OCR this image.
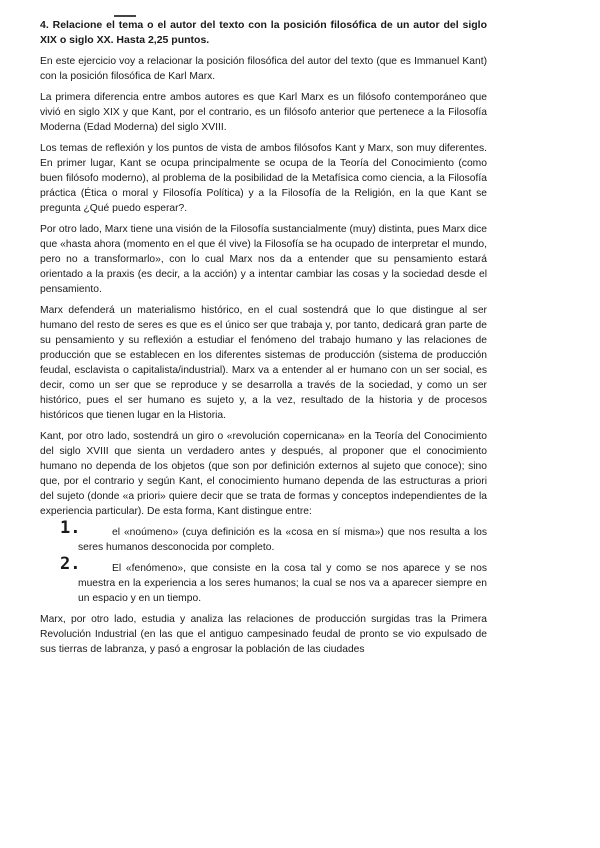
4. Relacione el tema o el autor del texto con la posición filosófica de un autor del siglo XIX o siglo XX. Hasta 2,25 puntos.

En este ejercicio voy a relacionar la posición filosófica del autor del texto (que es Immanuel Kant) con la posición filosófica de Karl Marx.

La primera diferencia entre ambos autores es que Karl Marx es un filósofo contemporáneo que vivió en siglo XIX y que Kant, por el contrario, es un filósofo anterior que pertenece a la Filosofía Moderna (Edad Moderna) del siglo XVIII.

Los temas de reflexión y los puntos de vista de ambos filósofos Kant y Marx, son muy diferentes. En primer lugar, Kant se ocupa principalmente se ocupa de la Teoría del Conocimiento (como buen filósofo moderno), al problema de la posibilidad de la Metafísica como ciencia, a la Filosofía práctica (Ética o moral y Filosofía Política) y a la Filosofía de la Religión, en la que Kant se pregunta ¿Qué puedo esperar?.

Por otro lado, Marx tiene una visión de la Filosofía sustancialmente (muy) distinta, pues Marx dice que «hasta ahora (momento en el que él vive) la Filosofía se ha ocupado de interpretar el mundo, pero no a transformarlo», con lo cual Marx nos da a entender que su pensamiento estará orientado a la praxis (es decir, a la acción) y a intentar cambiar las cosas y la sociedad desde el pensamiento.

Marx defenderá un materialismo histórico, en el cual sostendrá que lo que distingue al ser humano del resto de seres es que es el único ser que trabaja y, por tanto, dedicará gran parte de su pensamiento y su reflexión a estudiar el fenómeno del trabajo humano y las relaciones de producción que se establecen en los diferentes sistemas de producción (sistema de producción feudal, esclavista o capitalista/industrial). Marx va a entender al er humano con un ser social, es decir, como un ser que se reproduce y se desarrolla a través de la sociedad, y como un ser histórico, pues el ser humano es sujeto y, a la vez, resultado de la historia y de procesos históricos que tienen lugar en la Historia.

Kant, por otro lado, sostendrá un giro o «revolución copernicana» en la Teoría del Conocimiento del siglo XVIII que sienta un verdadero antes y después, al proponer que el conocimiento humano no dependa de los objetos (que son por definición externos al sujeto que conoce); sino que, por el contrario y según Kant, el conocimiento humano dependa de las estructuras a priori del sujeto (donde «a priori» quiere decir que se trata de formas y conceptos independientes de la experiencia particular). De esta forma, Kant distingue entre:

1.	el «noúmeno» (cuya definición es la «cosa en sí misma») que nos resulta a los seres humanos desconocida por completo.
2.	El «fenómeno», que consiste en la cosa tal y como se nos aparece y se nos muestra en la experiencia a los seres humanos; la cual se nos va a aparecer siempre en un espacio y en un tiempo.

Marx, por otro lado, estudia y analiza las relaciones de producción surgidas tras la Primera Revolución Industrial (en las que el antiguo campesinado feudal de pronto se vio expulsado de sus tierras de labranza, y pasó a engrosar la población de las ciudades
